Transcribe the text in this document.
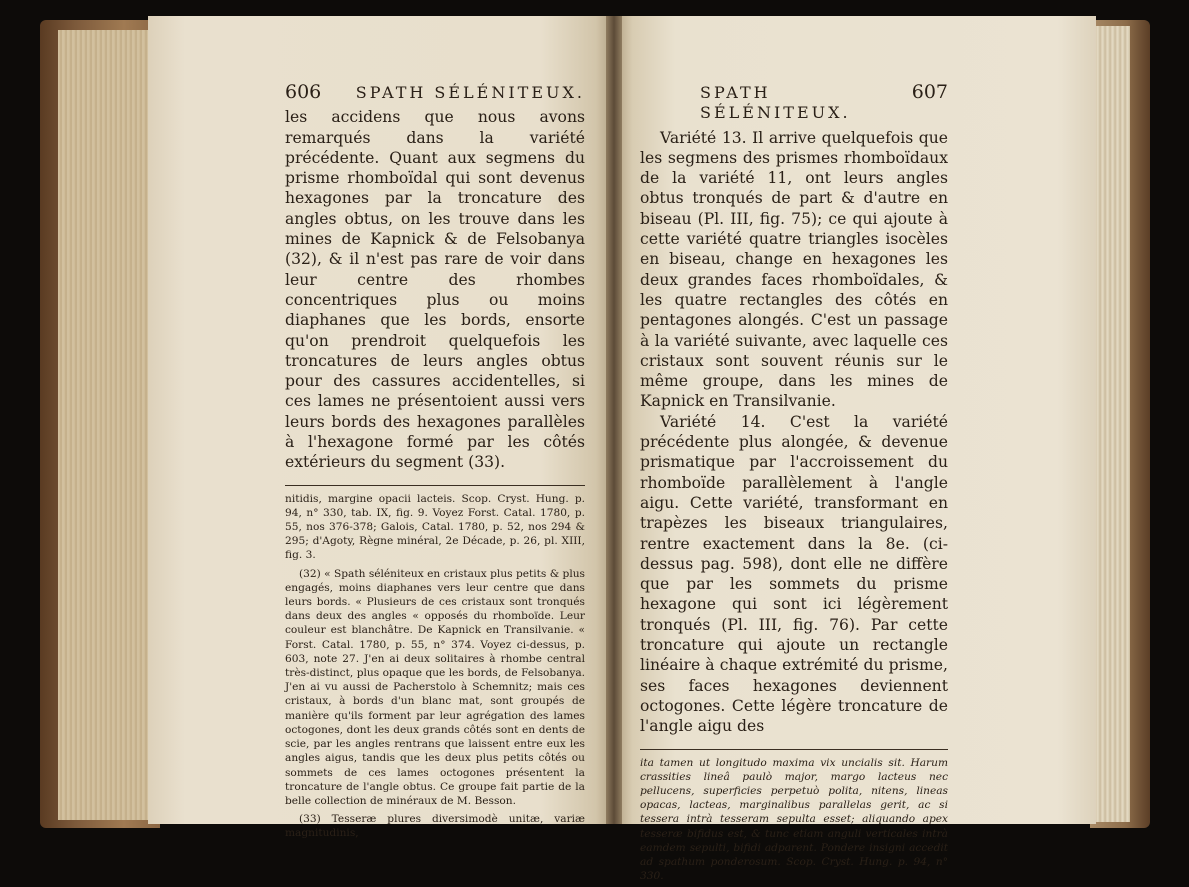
606 SPATH SÉLÉNITEUX.

les accidens que nous avons remarqués dans la variété précédente. Quant aux segmens du prisme rhomboïdal qui sont devenus hexagones par la troncature des angles obtus, on les trouve dans les mines de Kapnick & de Felsobanya (32), & il n'est pas rare de voir dans leur centre des rhombes concentriques plus ou moins diaphanes que les bords, ensorte qu'on prendroit quelquefois les troncatures de leurs angles obtus pour des cassures accidentelles, si ces lames ne présentoient aussi vers leurs bords des hexagones parallèles à l'hexagone formé par les côtés extérieurs du segment (33).

nitidis, margine opacii lacteis. Scop. Cryst. Hung. p. 94, n° 330, tab. IX, fig. 9. Voyez Forst. Catal. 1780, p. 55, nos 376-378; Galois, Catal. 1780, p. 52, nos 294 & 295; d'Agoty, Règne minéral, 2e Décade, p. 26, pl. XIII, fig. 3.

(32) « Spath séléniteux en cristaux plus petits & plus engagés, moins diaphanes vers leur centre que dans leurs bords. « Plusieurs de ces cristaux sont tronqués dans deux des angles « opposés du rhomboïde. Leur couleur est blanchâtre. De Kapnick en Transilvanie. « Forst. Catal. 1780, p. 55, n° 374. Voyez ci-dessus, p. 603, note 27. J'en ai deux solitaires à rhombe central très-distinct, plus opaque que les bords, de Felsobanya. J'en ai vu aussi de Pacherstolo à Schemnitz; mais ces cristaux, à bords d'un blanc mat, sont groupés de manière qu'ils forment par leur agrégation des lames octogones, dont les deux grands côtés sont en dents de scie, par les angles rentrans que laissent entre eux les angles aigus, tandis que les deux plus petits côtés ou sommets de ces lames octogones présentent la troncature de l'angle obtus. Ce groupe fait partie de la belle collection de minéraux de M. Besson.

(33) Tesseræ plures diversimodè unitæ, variæ magnitudinis,

SPATH SÉLÉNITEUX.
607

Variété 13. Il arrive quelquefois que les segmens des prismes rhomboïdaux de la variété 11, ont leurs angles obtus tronqués de part & d'autre en biseau (Pl. III, fig. 75); ce qui ajoute à cette variété quatre triangles isocèles en biseau, change en hexagones les deux grandes faces rhomboïdales, & les quatre rectangles des côtés en pentagones alongés. C'est un passage à la variété suivante, avec laquelle ces cristaux sont souvent réunis sur le même groupe, dans les mines de Kapnick en Transilvanie.

Variété 14. C'est la variété précédente plus alongée, & devenue prismatique par l'accroissement du rhomboïde parallèlement à l'angle aigu. Cette variété, transformant en trapèzes les biseaux triangulaires, rentre exactement dans la 8e. (ci-dessus pag. 598), dont elle ne diffère que par les sommets du prisme hexagone qui sont ici légèrement tronqués (Pl. III, fig. 76). Par cette troncature qui ajoute un rectangle linéaire à chaque extrémité du prisme, ses faces hexagones deviennent octogones. Cette légère troncature de l'angle aigu des

ita tamen ut longitudo maxima vix uncialis sit. Harum crassities lineâ paulò major, margo lacteus nec pellucens, superficies perpetuò polita, nitens, lineas opacas, lacteas, marginalibus parallelas gerit, ac si tessera intrà tesseram sepulta esset; aliquando apex tesseræ bifidus est, & tunc etiam anguli verticales intrà eamdem sepulti, bifidi adparent. Pondere insigni accedit ad spathum ponderosum. Scop. Cryst. Hung. p. 94, n° 330.
